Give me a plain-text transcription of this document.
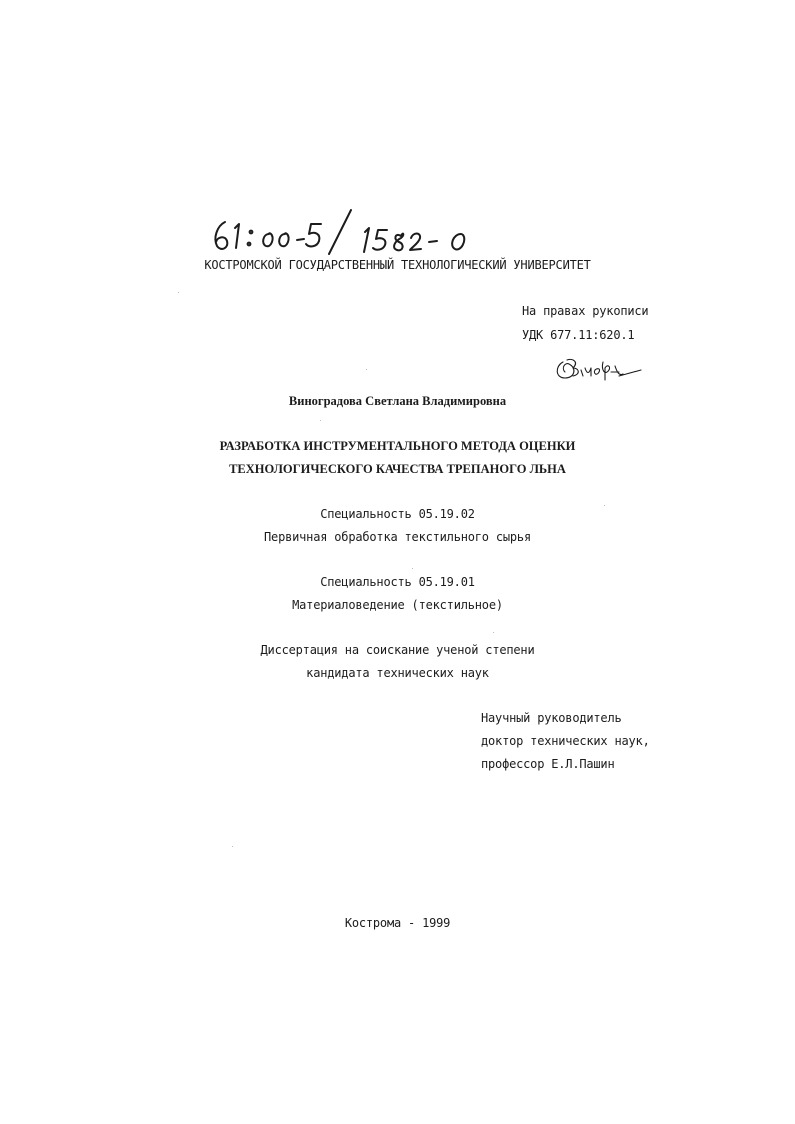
61: 00-5/1582-0
КОСТРОМСКОЙ ГОСУДАРСТВЕННЫЙ ТЕХНОЛОГИЧЕСКИЙ УНИВЕРСИТЕТ
На правах рукописи
УДК 677.11:620.1
Виноградова Светлана Владимировна
РАЗРАБОТКА ИНСТРУМЕНТАЛЬНОГО МЕТОДА ОЦЕНКИ
ТЕХНОЛОГИЧЕСКОГО КАЧЕСТВА ТРЕПАНОГО ЛЬНА
Специальность 05.19.02
Первичная обработка текстильного сырья
Специальность 05.19.01
Материаловедение (текстильное)
Диссертация на соискание ученой степени
кандидата технических наук
Научный руководитель
доктор технических наук,
профессор Е.Л.Пашин
Кострома - 1999
